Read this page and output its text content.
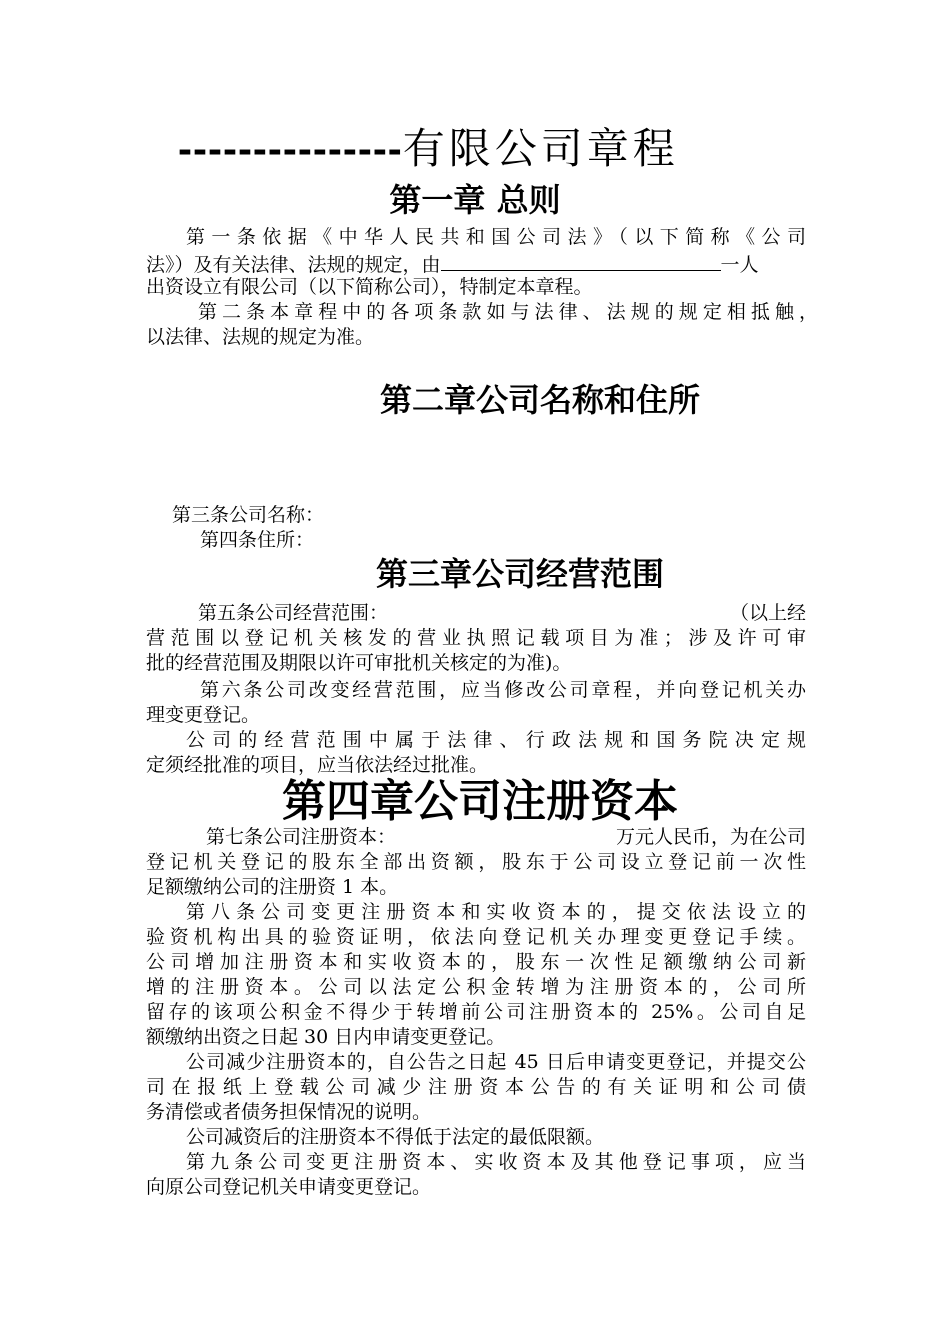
---------------有限公司章程
第一章 总则
第一条依据《中华人民共和国公司法》（以下简称《公司
法》）及有关法律、法规的规定，由	一人
出资设立有限公司（以下简称公司），特制定本章程。
第二条本章程中的各项条款如与法律、法规的规定相抵触，
以法律、法规的规定为准。
第二章公司名称和住所
第三条公司名称：
第四条住所：
第三章公司经营范围
第五条公司经营范围：	（以上经
营范围以登记机关核发的营业执照记载项目为准；涉及许可审
批的经营范围及期限以许可审批机关核定的为准)。
第六条公司改变经营范围，应当修改公司章程，并向登记机关办
理变更登记。
公司的经营范围中属于法律、行政法规和国务院决定规
定须经批准的项目，应当依法经过批准。
第四章公司注册资本
第七条公司注册资本：	万元人民币，为在公司
登记机关登记的股东全部出资额，股东于公司设立登记前一次性
足额缴纳公司的注册资 1 本。
第八条公司变更注册资本和实收资本的，提交依法设立的
验资机构出具的验资证明，依法向登记机关办理变更登记手续。
公司增加注册资本和实收资本的，股东一次性足额缴纳公司新
增的注册资本。公司以法定公积金转增为注册资本的，公司所
留存的该项公积金不得少于转增前公司注册资本的 25%。公司自足
额缴纳出资之日起 30 日内申请变更登记。
公司减少注册资本的，自公告之日起 45 日后申请变更登记，并提交公
司在报纸上登载公司减少注册资本公告的有关证明和公司债
务清偿或者债务担保情况的说明。
公司减资后的注册资本不得低于法定的最低限额。
第九条公司变更注册资本、实收资本及其他登记事项，应当
向原公司登记机关申请变更登记。
